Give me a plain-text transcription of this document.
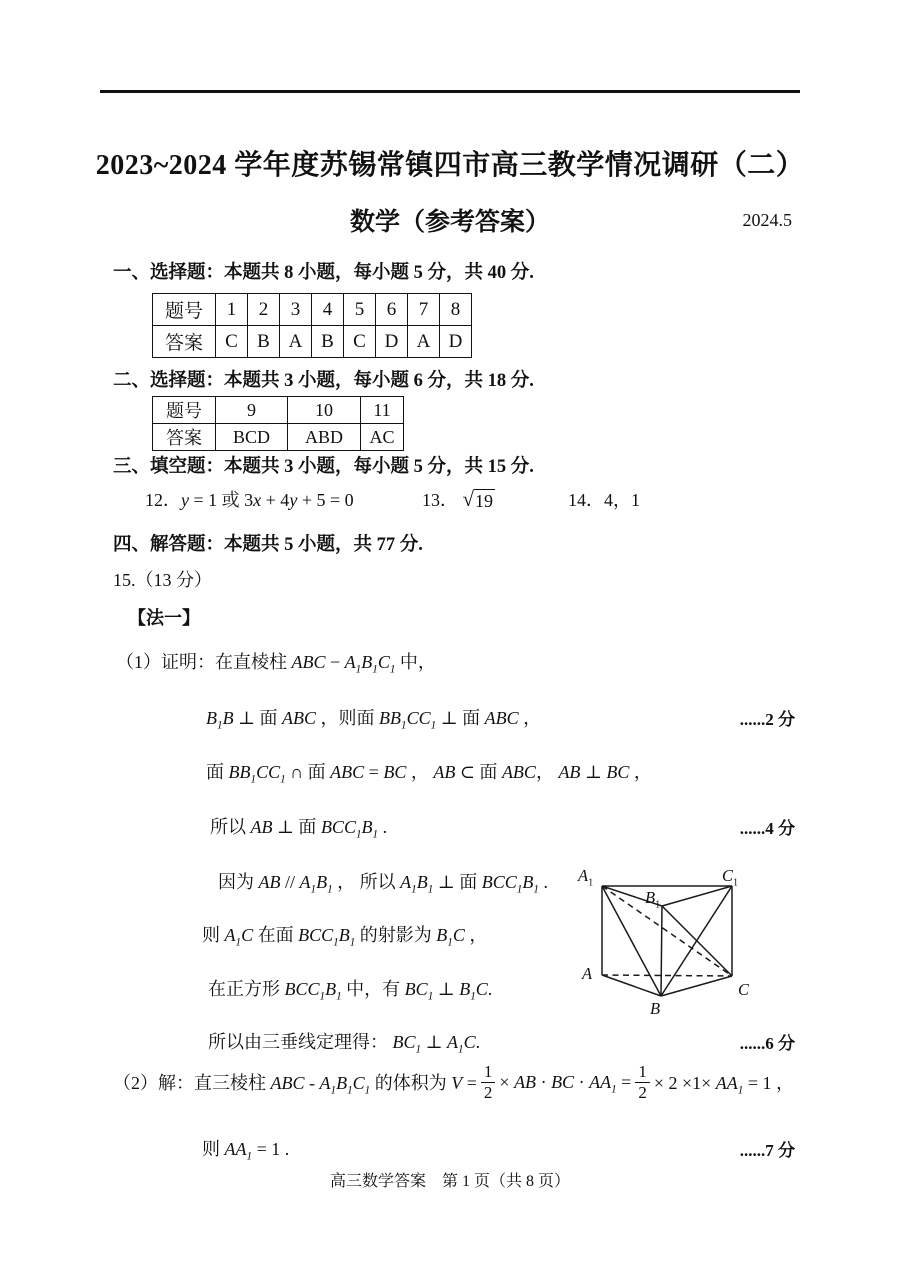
2023~2024 学年度苏锡常镇四市高三教学情况调研（二）
数学（参考答案）	2024.5
一、选择题：本题共 8 小题，每小题 5 分，共 40 分.
题号	1	2	3	4	5	6	7	8
答案	C	B	A	B	C	D	A	D
二、选择题：本题共 3 小题，每小题 6 分，共 18 分.
题号	9	10	11
答案	BCD	ABD	AC
三、填空题：本题共 3 小题，每小题 5 分，共 15 分.
12．y = 1 或 3x + 4y + 5 = 0	13． √ 19	14．4，1
四、解答题：本题共 5 小题，共 77 分.
15.（13 分）
【法一】
（1）证明：在直棱柱 ABC − $A_1B_1C_1$ 中，
$B_1B$ ⊥ 面 ABC ，则面 $BB_1CC_1$ ⊥ 面 ABC ，	......2 分
面 $BB_1CC_1$ ∩ 面 ABC = BC ， AB ⊂ 面 ABC， AB ⊥ BC ，
所以 AB ⊥ 面 $BCC_1B_1$ .	......4 分
因为 AB // $A_1B_1$ ， 所以 $A_1B_1$ ⊥ 面 $BCC_1B_1$ .
则 $A_1C$ 在面 $BCC_1B_1$ 的射影为 $B_1C$ ，
在正方形 $BCC_1B_1$ 中，有 $BC_1$ ⊥ $B_1C$.
所以由三垂线定理得： $BC_1$ ⊥ $A_1C$.	......6 分
（2）解：直三棱柱 ABC - $A_1B_1C_1$ 的体积为 $V = \frac{1}{2}$ × AB · BC · $AA_1 = \frac{1}{2} \times 2 \times 1\times AA_1 = 1$ ，
则 $AA_1 = 1$ .	......7 分
$A_1$
$B_1$
$C_1$
A
B
C
高三数学答案　第 1 页（共 8 页）
